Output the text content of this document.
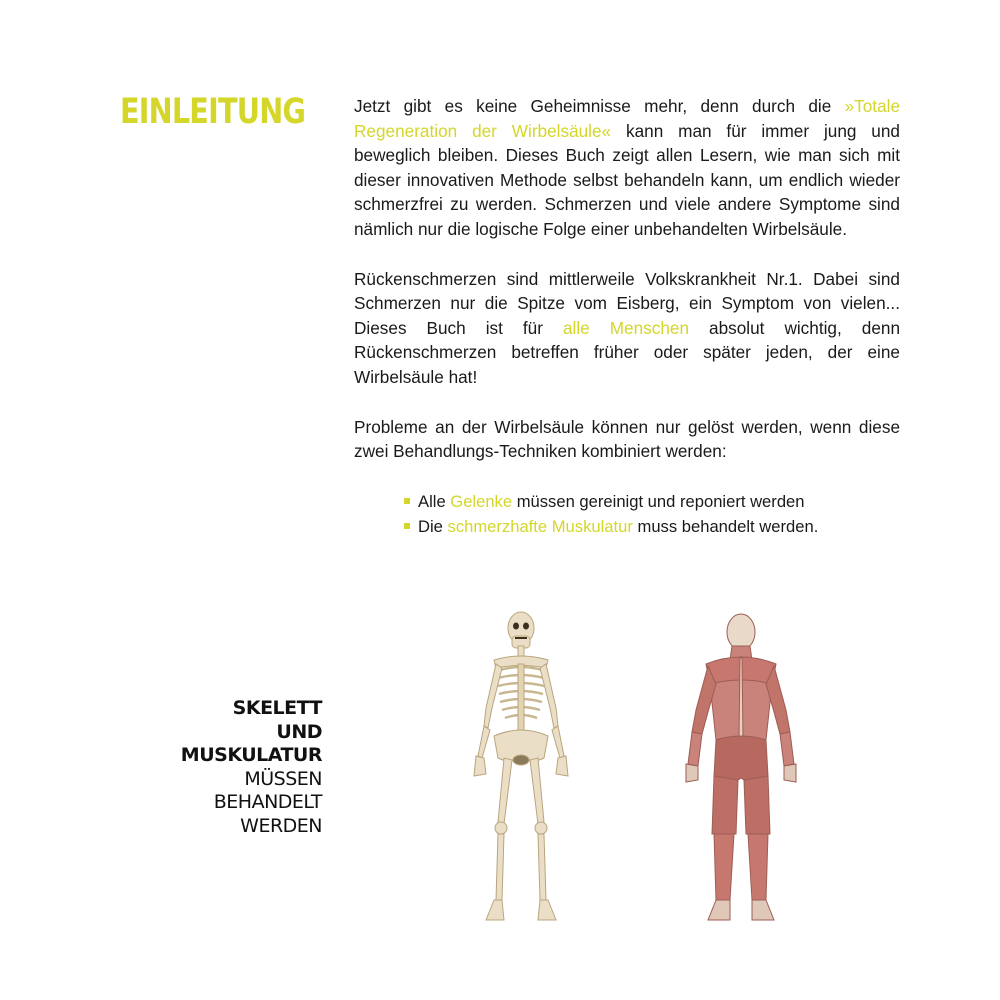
EINLEITUNG	Jetzt gibt es keine Geheimnisse mehr, denn durch die »Totale Regeneration der Wirbelsäule« kann man für immer jung und beweglich bleiben. Dieses Buch zeigt allen Lesern, wie man sich mit dieser innovativen Methode selbst behandeln kann, um endlich wieder schmerzfrei zu werden. Schmerzen und viele andere Symptome sind nämlich nur die logische Folge einer unbehandelten Wirbelsäule.

Rückenschmerzen sind mittlerweile Volkskrankheit Nr.1. Dabei sind Schmerzen nur die Spitze vom Eisberg, ein Symptom von vielen... Dieses Buch ist für alle Menschen absolut wichtig, denn Rückenschmerzen betreffen früher oder später jeden, der eine Wirbelsäule hat!

Probleme an der Wirbelsäule können nur gelöst werden, wenn diese zwei Behandlungs-Techniken kombiniert werden:

Alle Gelenke müssen gereinigt und reponiert werden
Die schmerzhafte Muskulatur muss behandelt werden.
SKELETT
UND
MUSKULATUR
MÜSSEN
BEHANDELT
WERDEN
